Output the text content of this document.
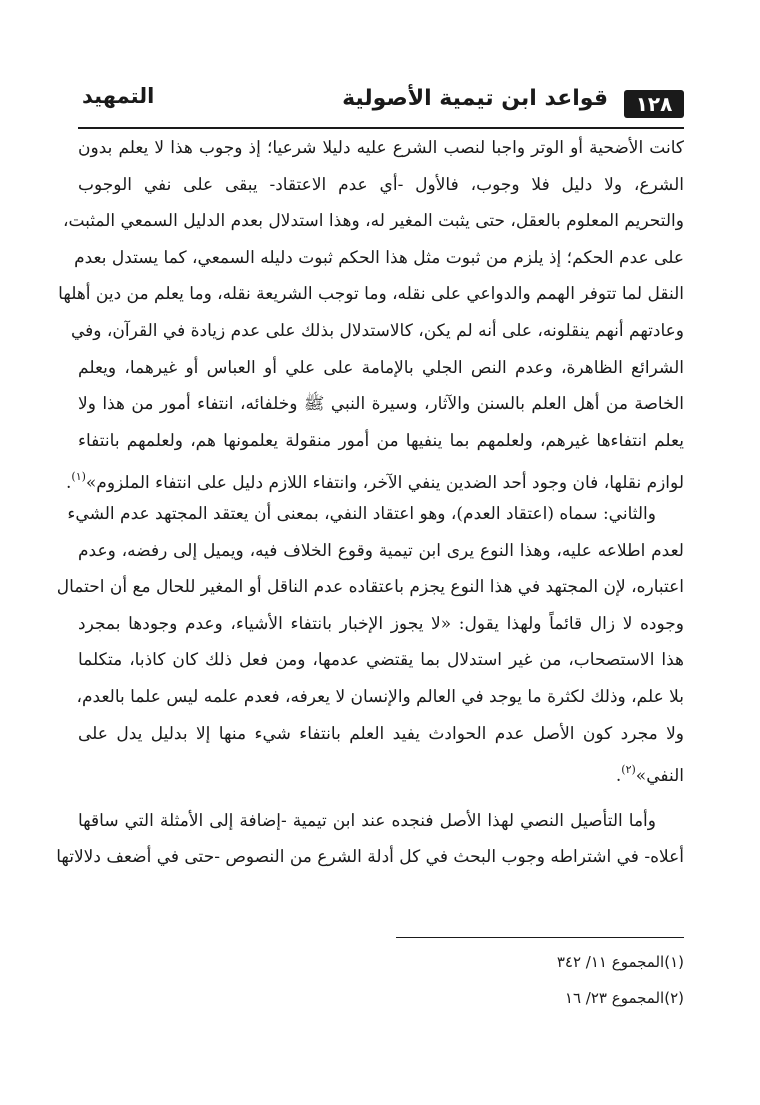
١٢٨
قواعد ابن تيمية الأصولية
التمهيد
كانت الأضحية أو الوتر واجبا لنصب الشرع عليه دليلا شرعيا؛ إذ وجوب هذا لا يعلم بدون
الشرع، ولا دليل فلا وجوب، فالأول -أي عدم الاعتقاد- يبقى على نفي الوجوب
والتحريم المعلوم بالعقل، حتى يثبت المغير له، وهذا استدلال بعدم الدليل السمعي المثبت،
على عدم الحكم؛ إذ يلزم من ثبوت مثل هذا الحكم ثبوت دليله السمعي، كما يستدل بعدم
النقل لما تتوفر الهمم والدواعي على نقله، وما توجب الشريعة نقله، وما يعلم من دين أهلها
وعادتهم أنهم ينقلونه، على أنه لم يكن، كالاستدلال بذلك على عدم زيادة في القرآن، وفي
الشرائع الظاهرة، وعدم النص الجلي بالإمامة على علي أو العباس أو غيرهما، ويعلم
الخاصة من أهل العلم بالسنن والآثار، وسيرة النبي ﷺ وخلفائه، انتفاء أمور من هذا ولا
يعلم انتفاءها غيرهم، ولعلمهم بما ينفيها من أمور منقولة يعلمونها هم، ولعلمهم بانتفاء
لوازم نقلها، فان وجود أحد الضدين ينفي الآخر، وانتفاء اللازم دليل على انتفاء الملزوم»$^{(١)}$.
والثاني: سماه (اعتقاد العدم)، وهو اعتقاد النفي، بمعنى أن يعتقد المجتهد عدم الشيء
لعدم اطلاعه عليه، وهذا النوع يرى ابن تيمية وقوع الخلاف فيه، ويميل إلى رفضه، وعدم
اعتباره، لإن المجتهد في هذا النوع يجزم باعتقاده عدم الناقل أو المغير للحال مع أن احتمال
وجوده لا زال قائماً ولهذا يقول: «لا يجوز الإخبار بانتفاء الأشياء، وعدم وجودها بمجرد
هذا الاستصحاب، من غير استدلال بما يقتضي عدمها، ومن فعل ذلك كان كاذبا، متكلما
بلا علم، وذلك لكثرة ما يوجد في العالم والإنسان لا يعرفه، فعدم علمه ليس علما بالعدم،
ولا مجرد كون الأصل عدم الحوادث يفيد العلم بانتفاء شيء منها إلا بدليل يدل على
النفي»$^{(٢)}$.
وأما التأصيل النصي لهذا الأصل فنجده عند ابن تيمية -إضافة إلى الأمثلة التي ساقها
أعلاه- في اشتراطه وجوب البحث في كل أدلة الشرع من النصوص -حتى في أضعف دلالاتها
(١)المجموع ١١/ ٣٤٢
(٢)المجموع ٢٣/ ١٦
